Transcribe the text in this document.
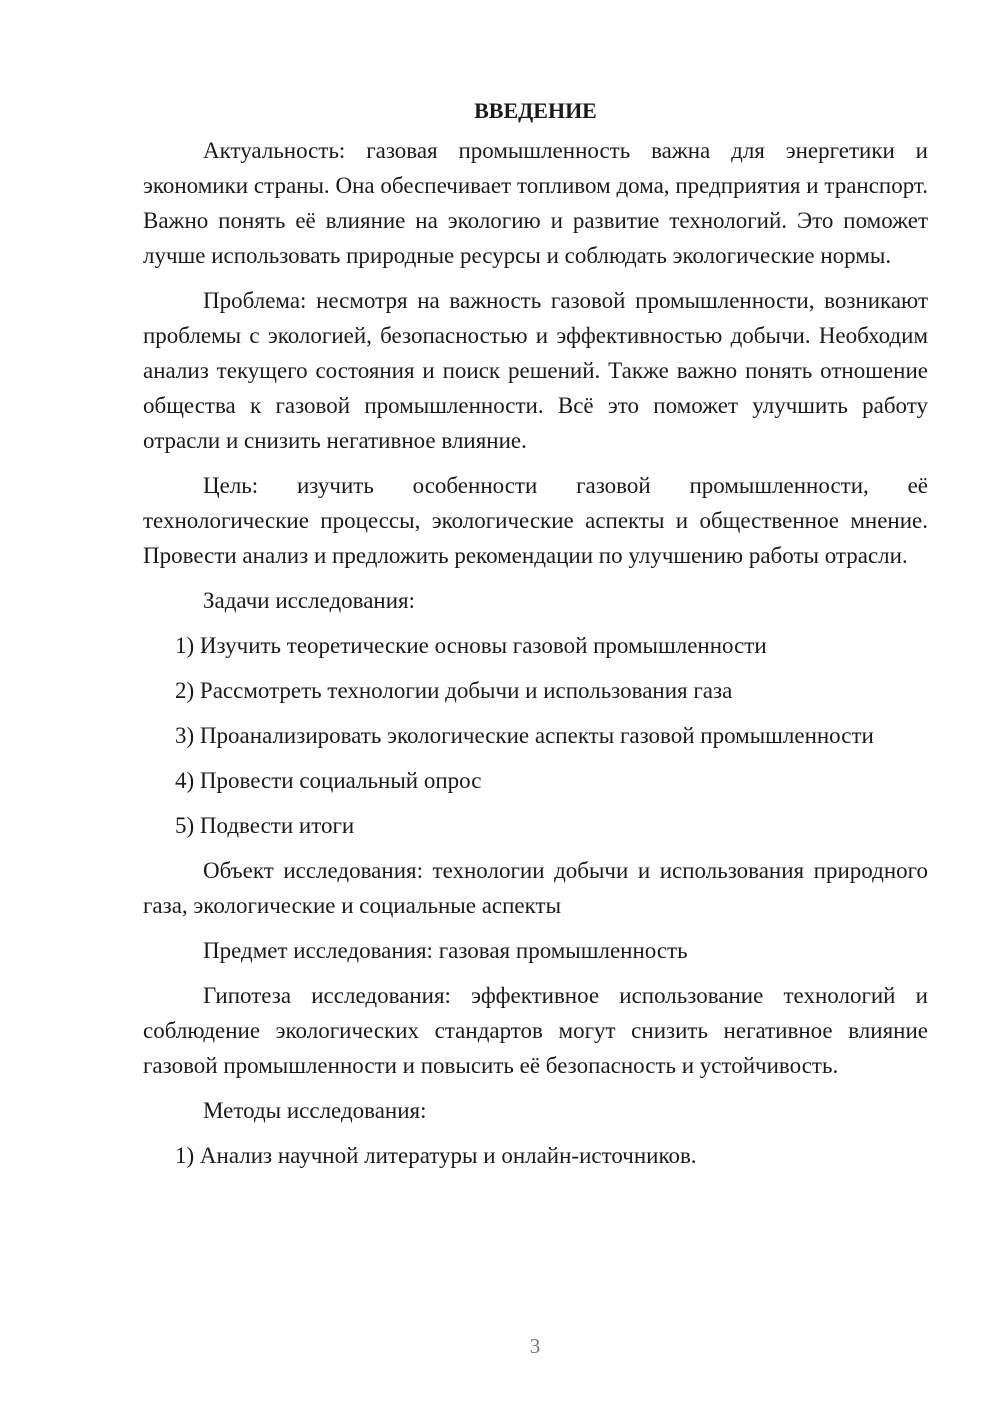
ВВЕДЕНИЕ
Актуальность: газовая промышленность важна для энергетики и экономики страны. Она обеспечивает топливом дома, предприятия и транспорт. Важно понять её влияние на экологию и развитие технологий. Это поможет лучше использовать природные ресурсы и соблюдать экологические нормы.
Проблема: несмотря на важность газовой промышленности, возникают проблемы с экологией, безопасностью и эффективностью добычи. Необходим анализ текущего состояния и поиск решений. Также важно понять отношение общества к газовой промышленности. Всё это поможет улучшить работу отрасли и снизить негативное влияние.
Цель: изучить особенности газовой промышленности, её технологические процессы, экологические аспекты и общественное мнение. Провести анализ и предложить рекомендации по улучшению работы отрасли.
Задачи исследования:
1) Изучить теоретические основы газовой промышленности
2) Рассмотреть технологии добычи и использования газа
3) Проанализировать экологические аспекты газовой промышленности
4) Провести социальный опрос
5) Подвести итоги
Объект исследования: технологии добычи и использования природного газа, экологические и социальные аспекты
Предмет исследования: газовая промышленность
Гипотеза исследования: эффективное использование технологий и соблюдение экологических стандартов могут снизить негативное влияние газовой промышленности и повысить её безопасность и устойчивость.
Методы исследования:
1) Анализ научной литературы и онлайн-источников.
3
